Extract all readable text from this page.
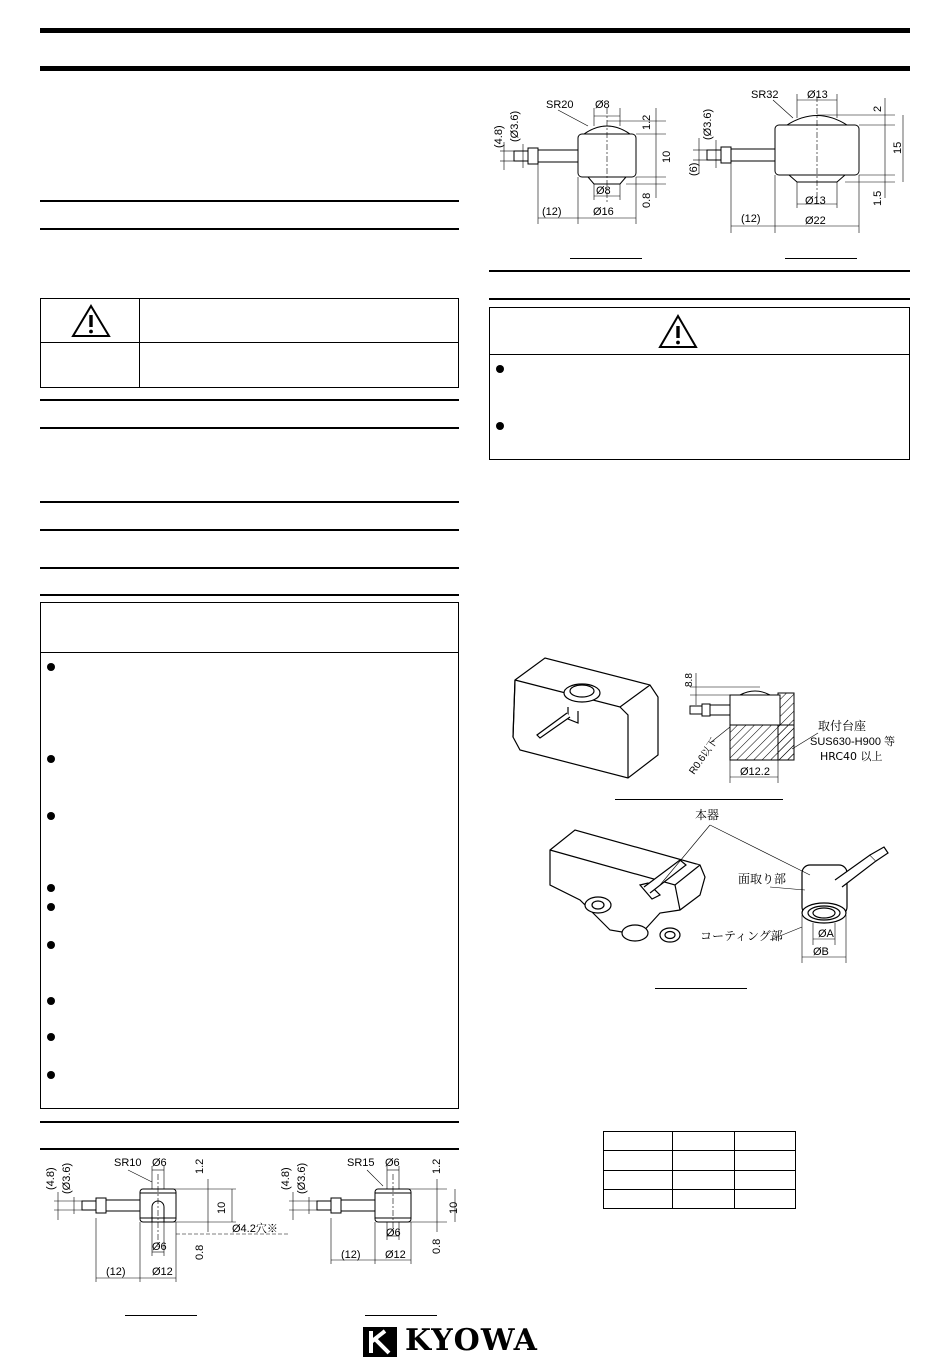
SR10 Ø6 1.2
10
0.8
Ø6
Ø12
(12)
(Ø3.6)
(4.8)
Ø4.2穴※
SR15 Ø6	1.2
10
0.8
Ø6
Ø12
(12)
(Ø3.6)
(4.8)
SR20 Ø8
1.2
10
0.8
Ø8
Ø16
(12)
(Ø3.6)
(4.8)
SR32	Ø13
2
15
1.5
Ø13
Ø22
(12)
(Ø3.6)
(6)
8.8
R0.6以下
取付台座
SUS630-H900 等
HRC40 以上
Ø12.2
本器
面取り部
コーティング部	ØA
ØB

KYOWA
